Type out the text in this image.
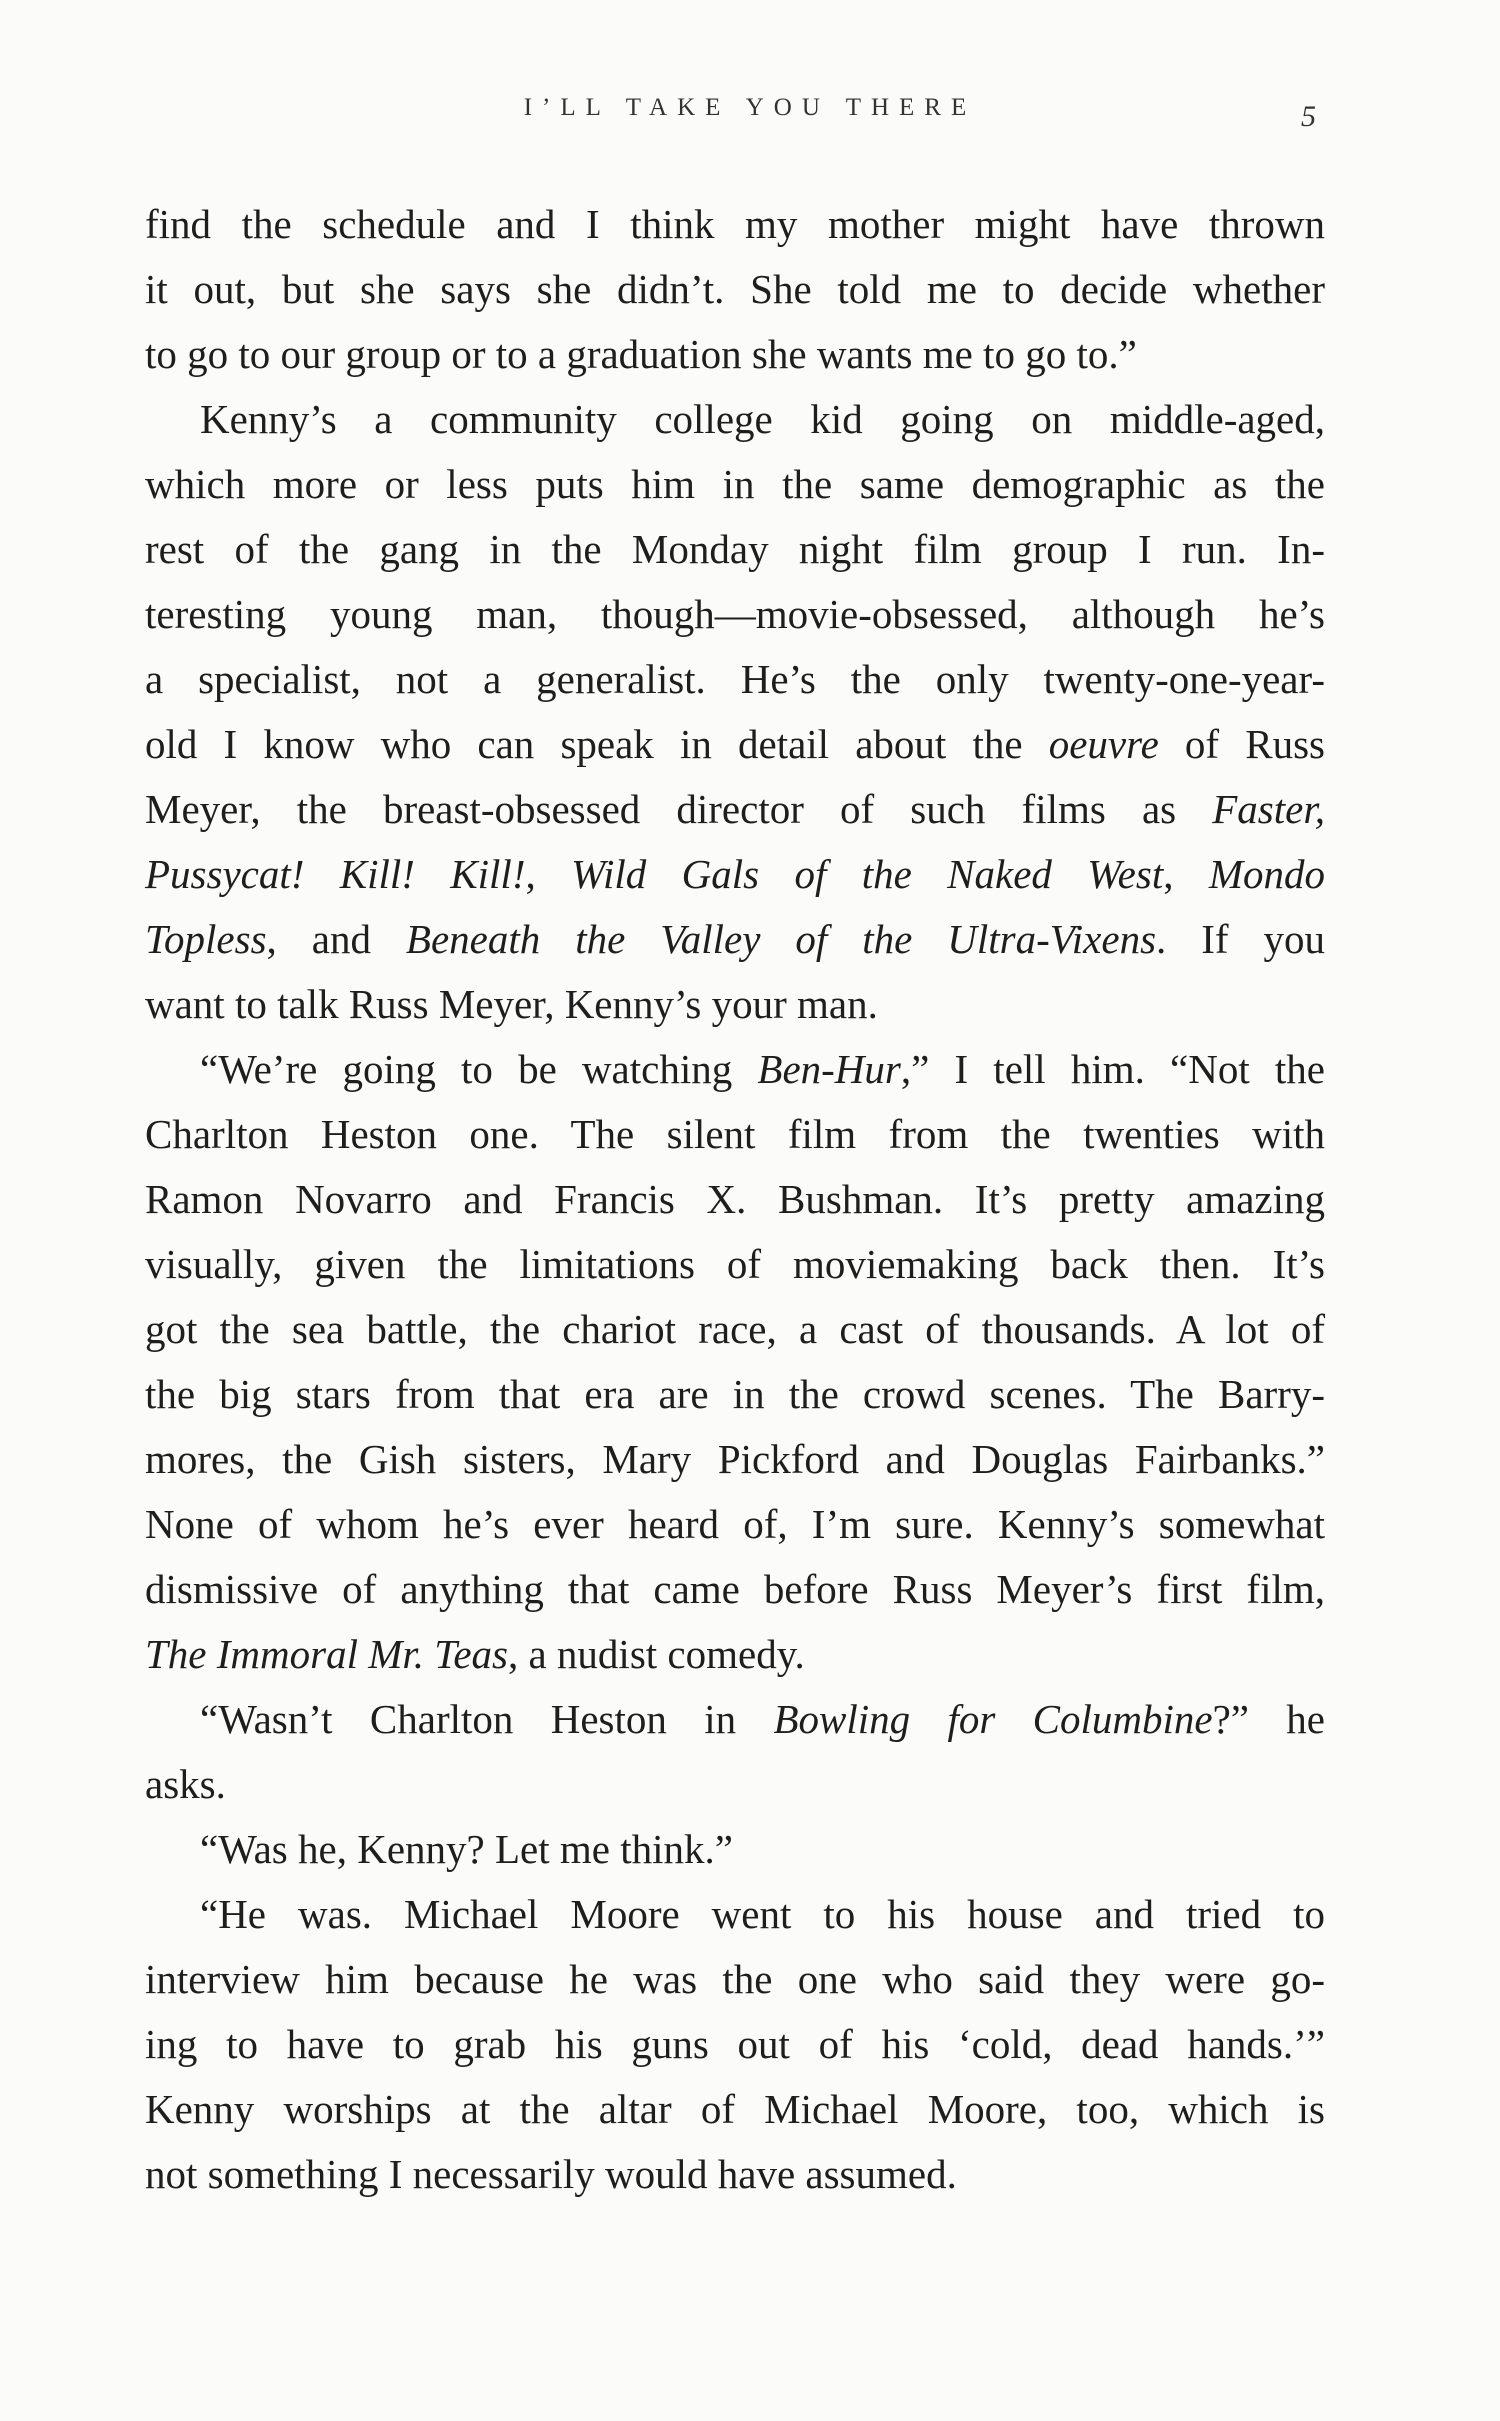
I’LL TAKE YOU THERE	5
find the schedule and I think my mother might have thrown
it out, but she says she didn’t. She told me to decide whether
to go to our group or to a graduation she wants me to go to.”
Kenny’s a community college kid going on middle-aged,
which more or less puts him in the same demographic as the
rest of the gang in the Monday night film group I run. In-
teresting young man, though—movie-obsessed, although he’s
a specialist, not a generalist. He’s the only twenty-one-year-
old I know who can speak in detail about the oeuvre of Russ
Meyer, the breast-obsessed director of such films as Faster,
Pussycat! Kill! Kill!, Wild Gals of the Naked West, Mondo
Topless, and Beneath the Valley of the Ultra-Vixens. If you
want to talk Russ Meyer, Kenny’s your man.
“We’re going to be watching Ben-Hur,” I tell him. “Not the
Charlton Heston one. The silent film from the twenties with
Ramon Novarro and Francis X. Bushman. It’s pretty amazing
visually, given the limitations of moviemaking back then. It’s
got the sea battle, the chariot race, a cast of thousands. A lot of
the big stars from that era are in the crowd scenes. The Barry-
mores, the Gish sisters, Mary Pickford and Douglas Fairbanks.”
None of whom he’s ever heard of, I’m sure. Kenny’s somewhat
dismissive of anything that came before Russ Meyer’s first film,
The Immoral Mr. Teas, a nudist comedy.
“Wasn’t Charlton Heston in Bowling for Columbine?” he
asks.
“Was he, Kenny? Let me think.”
“He was. Michael Moore went to his house and tried to
interview him because he was the one who said they were go-
ing to have to grab his guns out of his ‘cold, dead hands.’”
Kenny worships at the altar of Michael Moore, too, which is
not something I necessarily would have assumed.
